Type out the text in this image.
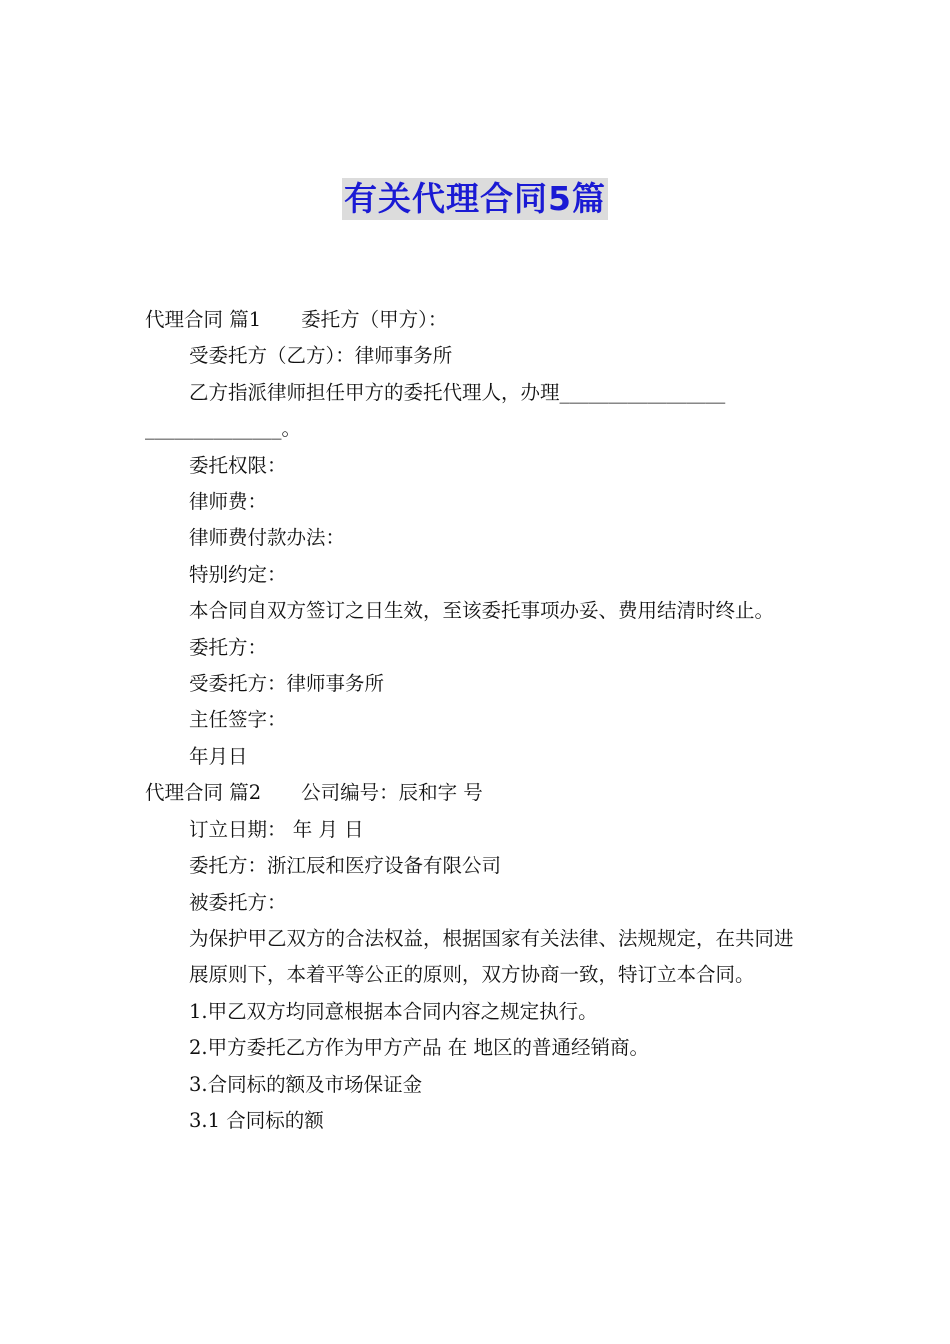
有关代理合同5篇

代理合同 篇1 委托方（甲方）：

受委托方（乙方）：律师事务所

乙方指派律师担任甲方的委托代理人，办理_________________

______________。

委托权限：

律师费：

律师费付款办法：

特别约定：

本合同自双方签订之日生效，至该委托事项办妥、费用结清时终止。

委托方：

受委托方：律师事务所

主任签字：

年月日

代理合同 篇2 公司编号：辰和字 号

订立日期： 年 月 日

委托方：浙江辰和医疗设备有限公司

被委托方：

为保护甲乙双方的合法权益，根据国家有关法律、法规规定，在共同进展原则下，本着平等公正的原则，双方协商一致，特订立本合同。

1.甲乙双方均同意根据本合同内容之规定执行。

2.甲方委托乙方作为甲方产品 在 地区的普通经销商。

3.合同标的额及市场保证金

3.1 合同标的额
